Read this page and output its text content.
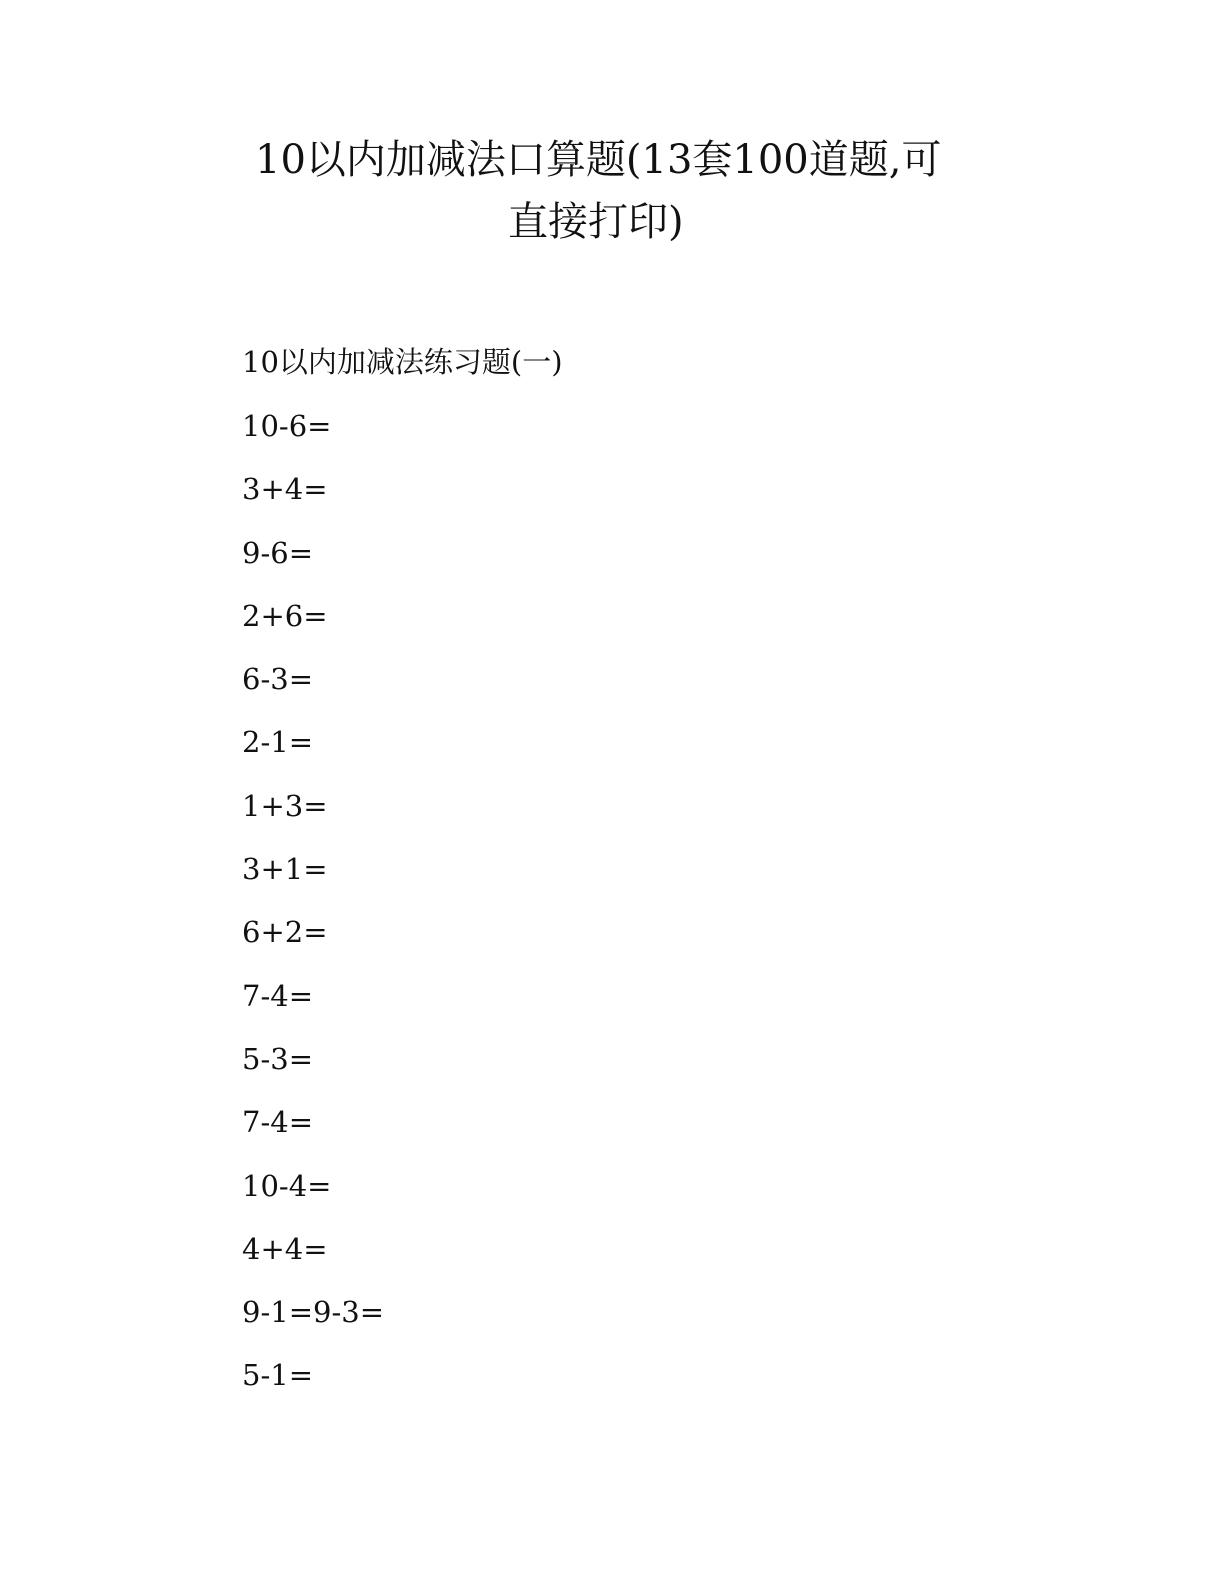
10以内加减法口算题(13套100道题,可
直接打印)
10以内加减法练习题(一)
10-6=
3+4=
9-6=
2+6=
6-3=
2-1=
1+3=
3+1=
6+2=
7-4=
5-3=
7-4=
10-4=
4+4=
9-1=9-3=
5-1=
